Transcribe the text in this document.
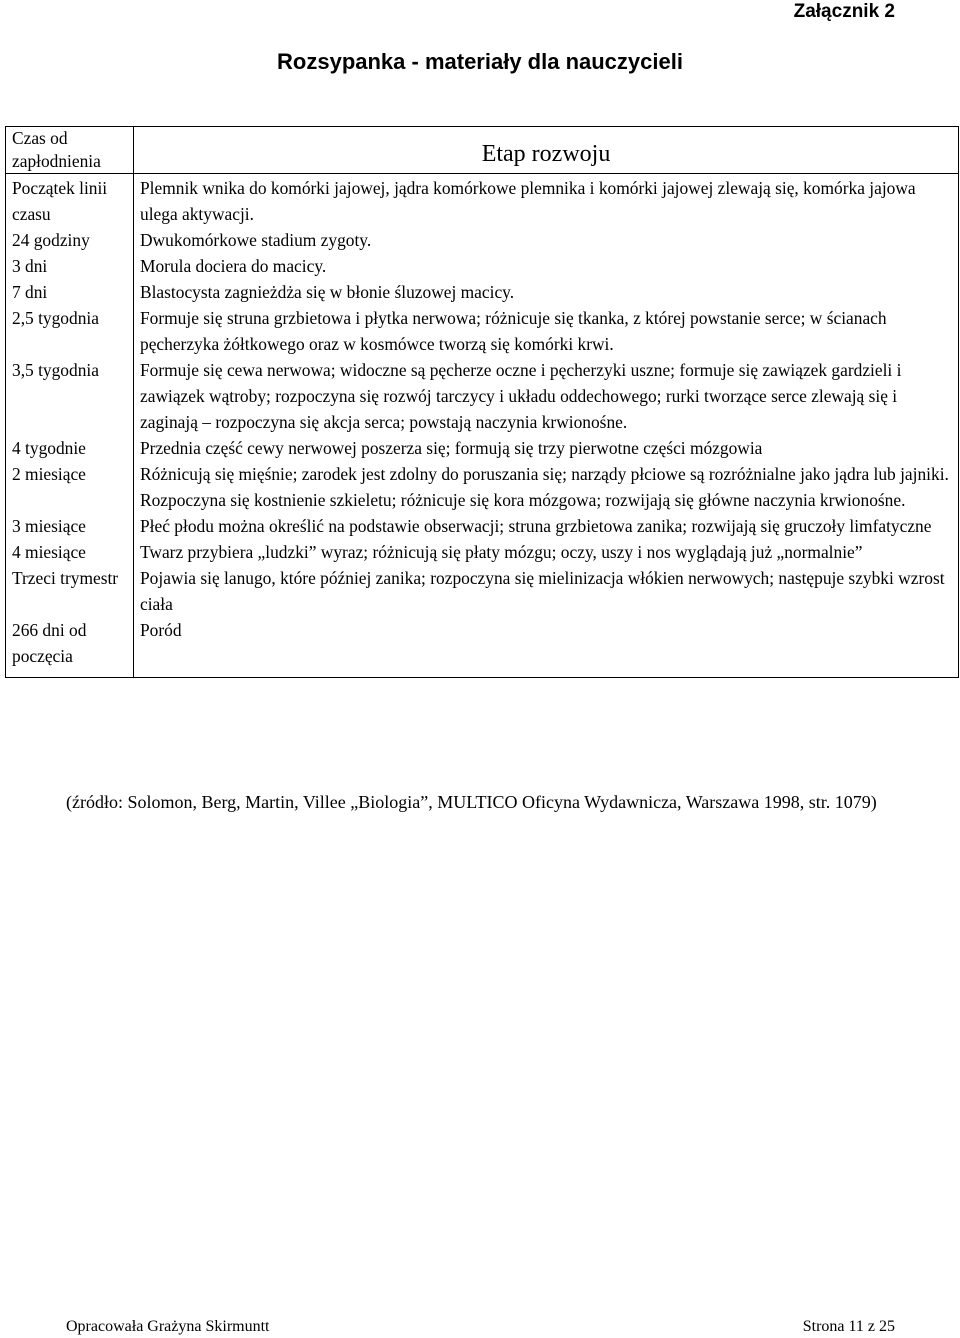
Załącznik 2
Rozsypanka - materiały dla nauczycieli
Czas od zapłodnienia	Etap rozwoju
Początek linii czasu	Plemnik wnika do komórki jajowej, jądra komórkowe plemnika i komórki jajowej zlewają się, komórka jajowa ulega aktywacji.
24 godziny	Dwukomórkowe stadium zygoty.
3 dni	Morula dociera do macicy.
7 dni	Blastocysta zagnieżdża się w błonie śluzowej macicy.
2,5 tygodnia	Formuje się struna grzbietowa i płytka nerwowa; różnicuje się tkanka, z której powstanie serce; w ścianach pęcherzyka żółtkowego oraz w kosmówce tworzą się komórki krwi.
3,5 tygodnia	Formuje się cewa nerwowa; widoczne są pęcherze oczne i pęcherzyki uszne; formuje się zawiązek gardzieli i zawiązek wątroby; rozpoczyna się rozwój tarczycy i układu oddechowego; rurki tworzące serce zlewają się i zaginają – rozpoczyna się akcja serca; powstają naczynia krwionośne.
4 tygodnie	Przednia część cewy nerwowej poszerza się; formują się trzy pierwotne części mózgowia
2 miesiące	Różnicują się mięśnie; zarodek jest zdolny do poruszania się; narządy płciowe są rozróżnialne jako jądra lub jajniki. Rozpoczyna się kostnienie szkieletu; różnicuje się kora mózgowa; rozwijają się główne naczynia krwionośne.
3 miesiące	Płeć płodu można określić na podstawie obserwacji; struna grzbietowa zanika; rozwijają się gruczoły limfatyczne
4 miesiące	Twarz przybiera „ludzki” wyraz; różnicują się płaty mózgu; oczy, uszy i nos wyglądają już „normalnie”
Trzeci trymestr	Pojawia się lanugo, które później zanika; rozpoczyna się mielinizacja włókien nerwowych; następuje szybki wzrost ciała
266 dni od poczęcia	Poród
(źródło: Solomon, Berg, Martin, Villee „Biologia”, MULTICO Oficyna Wydawnicza, Warszawa 1998, str. 1079)
Opracowała Grażyna Skirmuntt	Strona 11 z 25
